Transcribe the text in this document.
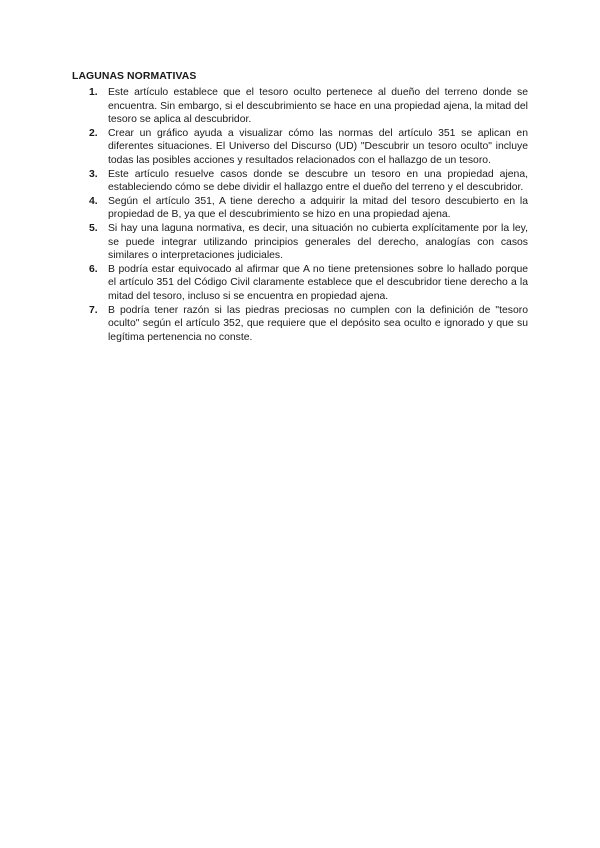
LAGUNAS NORMATIVAS
1. Este artículo establece que el tesoro oculto pertenece al dueño del terreno donde se encuentra. Sin embargo, si el descubrimiento se hace en una propiedad ajena, la mitad del tesoro se aplica al descubridor.
2. Crear un gráfico ayuda a visualizar cómo las normas del artículo 351 se aplican en diferentes situaciones. El Universo del Discurso (UD) "Descubrir un tesoro oculto" incluye todas las posibles acciones y resultados relacionados con el hallazgo de un tesoro.
3. Este artículo resuelve casos donde se descubre un tesoro en una propiedad ajena, estableciendo cómo se debe dividir el hallazgo entre el dueño del terreno y el descubridor.
4. Según el artículo 351, A tiene derecho a adquirir la mitad del tesoro descubierto en la propiedad de B, ya que el descubrimiento se hizo en una propiedad ajena.
5. Si hay una laguna normativa, es decir, una situación no cubierta explícitamente por la ley, se puede integrar utilizando principios generales del derecho, analogías con casos similares o interpretaciones judiciales.
6. B podría estar equivocado al afirmar que A no tiene pretensiones sobre lo hallado porque el artículo 351 del Código Civil claramente establece que el descubridor tiene derecho a la mitad del tesoro, incluso si se encuentra en propiedad ajena.
7. B podría tener razón si las piedras preciosas no cumplen con la definición de "tesoro oculto" según el artículo 352, que requiere que el depósito sea oculto e ignorado y que su legítima pertenencia no conste.
